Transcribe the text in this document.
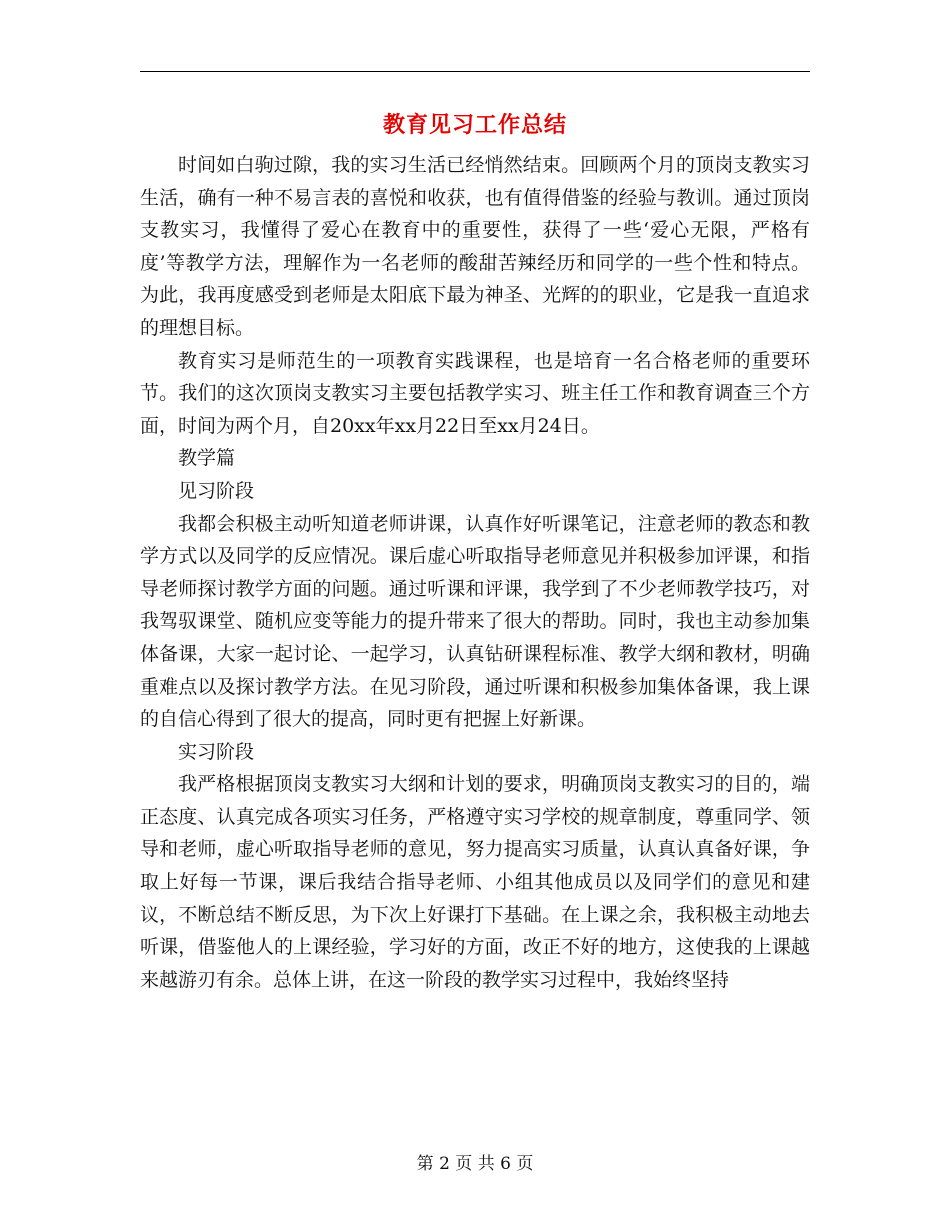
教育见习工作总结

时间如白驹过隙，我的实习生活已经悄然结束。回顾两个月的顶岗支教实习生活，确有一种不易言表的喜悦和收获，也有值得借鉴的经验与教训。通过顶岗支教实习，我懂得了爱心在教育中的重要性，获得了一些‘爱心无限，严格有度’等教学方法，理解作为一名老师的酸甜苦辣经历和同学的一些个性和特点。为此，我再度感受到老师是太阳底下最为神圣、光辉的的职业，它是我一直追求的理想目标。

教育实习是师范生的一项教育实践课程，也是培育一名合格老师的重要环节。我们的这次顶岗支教实习主要包括教学实习、班主任工作和教育调查三个方面，时间为两个月，自20xx年xx月22日至xx月24日。

教学篇

见习阶段

我都会积极主动听知道老师讲课，认真作好听课笔记，注意老师的教态和教学方式以及同学的反应情况。课后虚心听取指导老师意见并积极参加评课，和指导老师探讨教学方面的问题。通过听课和评课，我学到了不少老师教学技巧，对我驾驭课堂、随机应变等能力的提升带来了很大的帮助。同时，我也主动参加集体备课，大家一起讨论、一起学习，认真钻研课程标准、教学大纲和教材，明确重难点以及探讨教学方法。在见习阶段，通过听课和积极参加集体备课，我上课的自信心得到了很大的提高，同时更有把握上好新课。

实习阶段

我严格根据顶岗支教实习大纲和计划的要求，明确顶岗支教实习的目的，端正态度、认真完成各项实习任务，严格遵守实习学校的规章制度，尊重同学、领导和老师，虚心听取指导老师的意见，努力提高实习质量，认真认真备好课，争取上好每一节课，课后我结合指导老师、小组其他成员以及同学们的意见和建议，不断总结不断反思，为下次上好课打下基础。在上课之余，我积极主动地去听课，借鉴他人的上课经验，学习好的方面，改正不好的地方，这使我的上课越来越游刃有余。总体上讲，在这一阶段的教学实习过程中，我始终坚持

第 2 页 共 6 页
